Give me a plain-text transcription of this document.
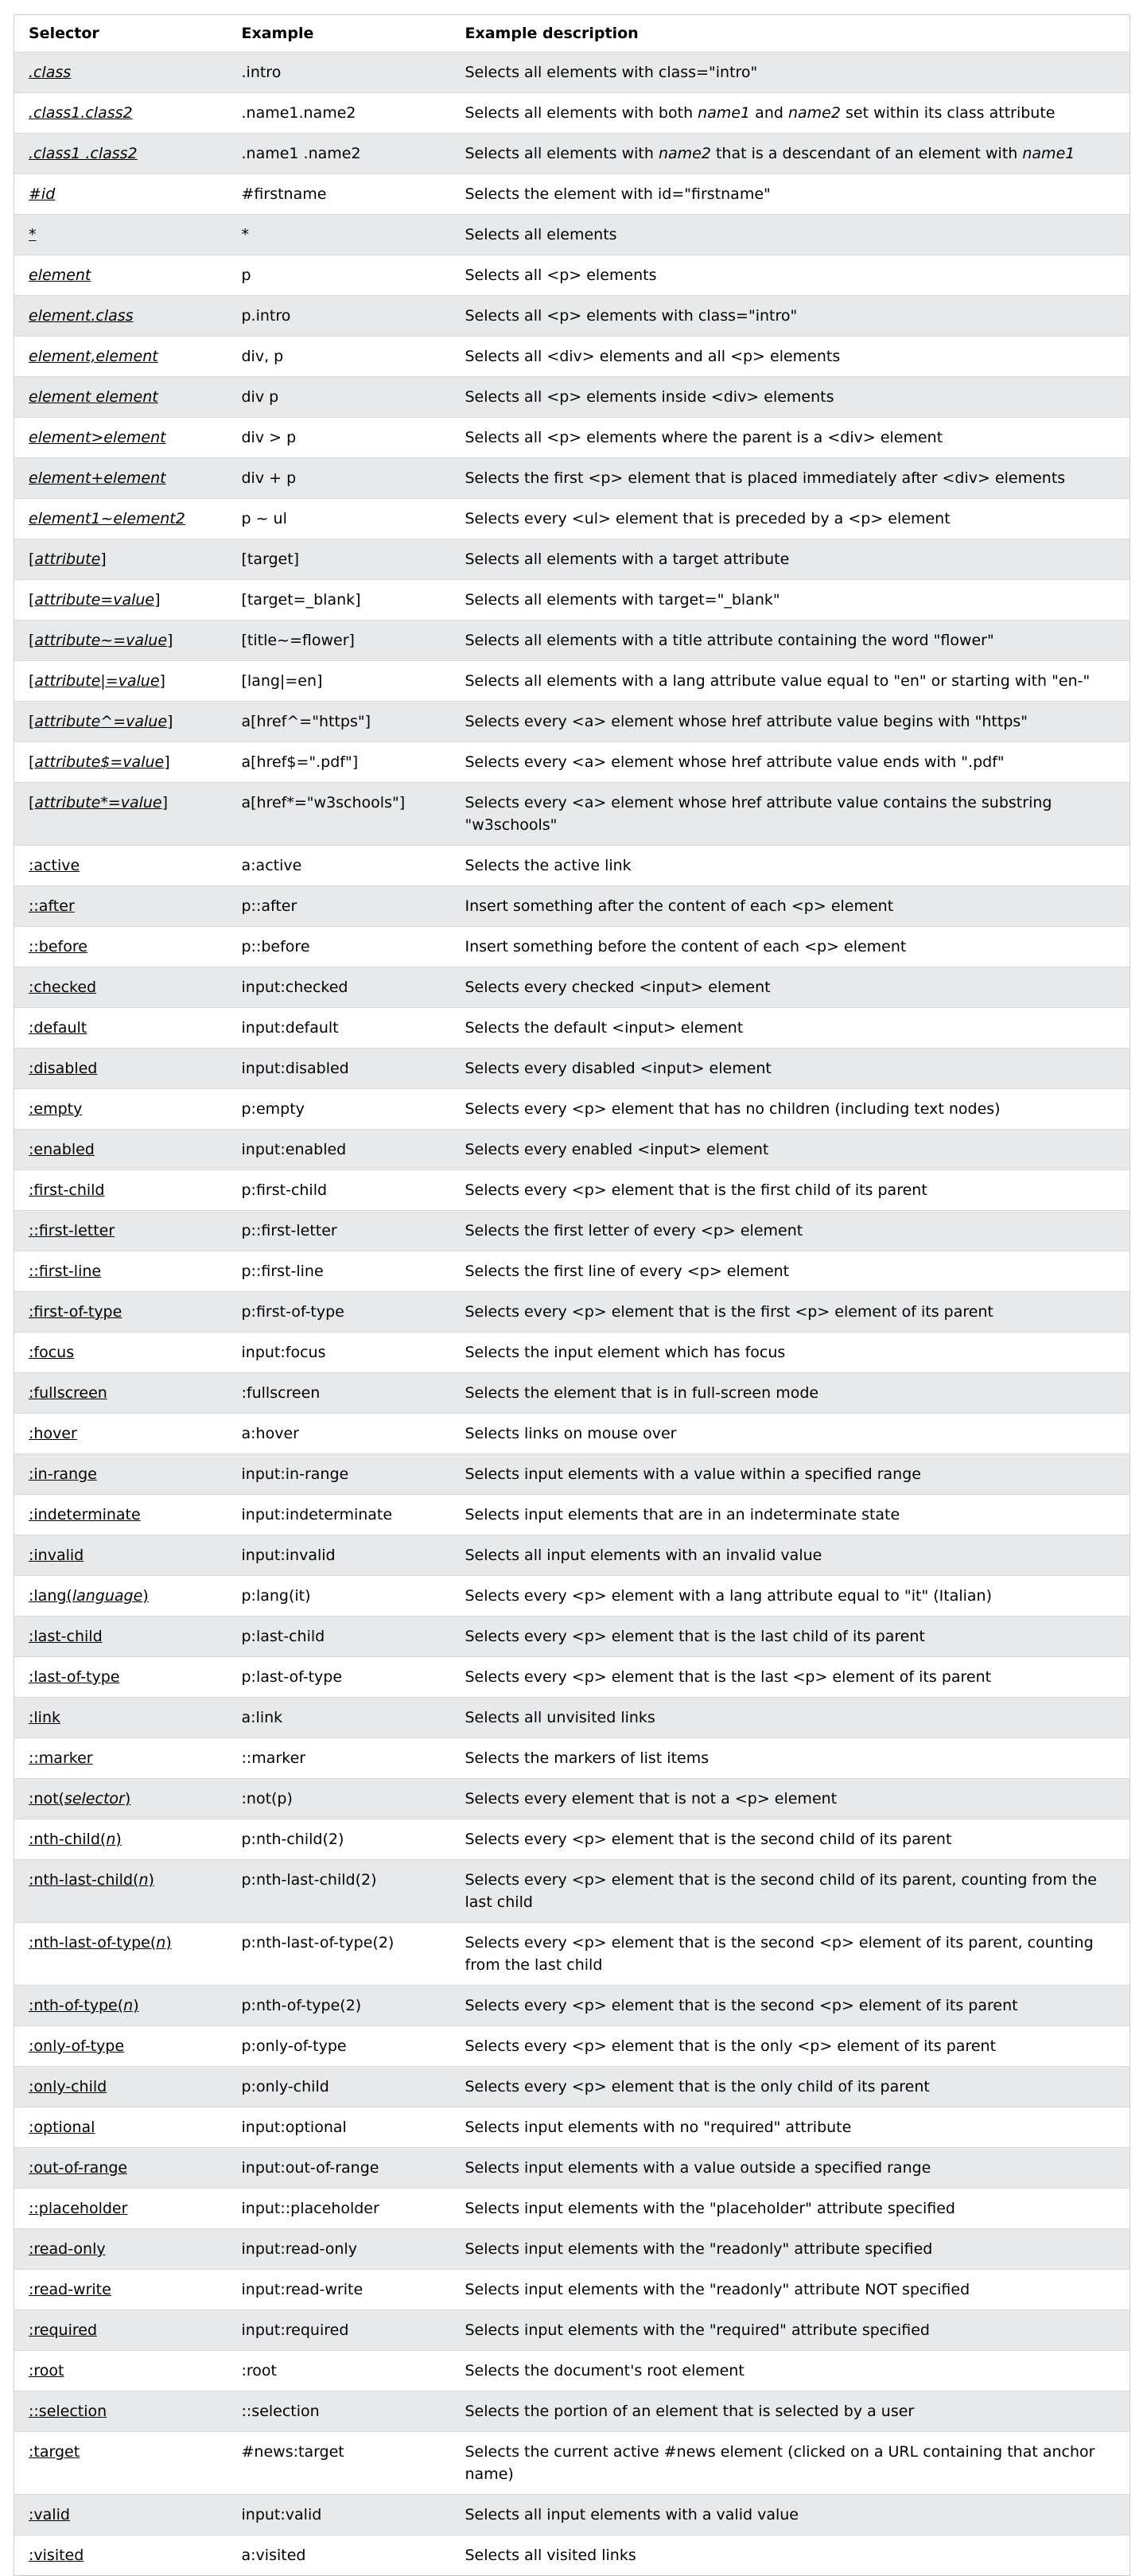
Selector	Example	Example description
.class	.intro	Selects all elements with class="intro"
.class1.class2	.name1.name2	Selects all elements with both name1 and name2 set within its class attribute
.class1 .class2	.name1 .name2	Selects all elements with name2 that is a descendant of an element with name1
#id	#firstname	Selects the element with id="firstname"
*	*	Selects all elements
element	p	Selects all <p> elements
element.class	p.intro	Selects all <p> elements with class="intro"
element,element	div, p	Selects all <div> elements and all <p> elements
element element	div p	Selects all <p> elements inside <div> elements
element>element	div > p	Selects all <p> elements where the parent is a <div> element
element+element	div + p	Selects the first <p> element that is placed immediately after <div> elements
element1~element2	p ~ ul	Selects every <ul> element that is preceded by a <p> element
[attribute]	[target]	Selects all elements with a target attribute
[attribute=value]	[target=_blank]	Selects all elements with target="_blank"
[attribute~=value]	[title~=flower]	Selects all elements with a title attribute containing the word "flower"
[attribute|=value]	[lang|=en]	Selects all elements with a lang attribute value equal to "en" or starting with "en-"
[attribute^=value]	a[href^="https"]	Selects every <a> element whose href attribute value begins with "https"
[attribute$=value]	a[href$=".pdf"]	Selects every <a> element whose href attribute value ends with ".pdf"
[attribute*=value]	a[href*="w3schools"]	Selects every <a> element whose href attribute value contains the substring "w3schools"
:active	a:active	Selects the active link
::after	p::after	Insert something after the content of each <p> element
::before	p::before	Insert something before the content of each <p> element
:checked	input:checked	Selects every checked <input> element
:default	input:default	Selects the default <input> element
:disabled	input:disabled	Selects every disabled <input> element
:empty	p:empty	Selects every <p> element that has no children (including text nodes)
:enabled	input:enabled	Selects every enabled <input> element
:first-child	p:first-child	Selects every <p> element that is the first child of its parent
::first-letter	p::first-letter	Selects the first letter of every <p> element
::first-line	p::first-line	Selects the first line of every <p> element
:first-of-type	p:first-of-type	Selects every <p> element that is the first <p> element of its parent
:focus	input:focus	Selects the input element which has focus
:fullscreen	:fullscreen	Selects the element that is in full-screen mode
:hover	a:hover	Selects links on mouse over
:in-range	input:in-range	Selects input elements with a value within a specified range
:indeterminate	input:indeterminate	Selects input elements that are in an indeterminate state
:invalid	input:invalid	Selects all input elements with an invalid value
:lang(language)	p:lang(it)	Selects every <p> element with a lang attribute equal to "it" (Italian)
:last-child	p:last-child	Selects every <p> element that is the last child of its parent
:last-of-type	p:last-of-type	Selects every <p> element that is the last <p> element of its parent
:link	a:link	Selects all unvisited links
::marker	::marker	Selects the markers of list items
:not(selector)	:not(p)	Selects every element that is not a <p> element
:nth-child(n)	p:nth-child(2)	Selects every <p> element that is the second child of its parent
:nth-last-child(n)	p:nth-last-child(2)	Selects every <p> element that is the second child of its parent, counting from the last child
:nth-last-of-type(n)	p:nth-last-of-type(2)	Selects every <p> element that is the second <p> element of its parent, counting from the last child
:nth-of-type(n)	p:nth-of-type(2)	Selects every <p> element that is the second <p> element of its parent
:only-of-type	p:only-of-type	Selects every <p> element that is the only <p> element of its parent
:only-child	p:only-child	Selects every <p> element that is the only child of its parent
:optional	input:optional	Selects input elements with no "required" attribute
:out-of-range	input:out-of-range	Selects input elements with a value outside a specified range
::placeholder	input::placeholder	Selects input elements with the "placeholder" attribute specified
:read-only	input:read-only	Selects input elements with the "readonly" attribute specified
:read-write	input:read-write	Selects input elements with the "readonly" attribute NOT specified
:required	input:required	Selects input elements with the "required" attribute specified
:root	:root	Selects the document's root element
::selection	::selection	Selects the portion of an element that is selected by a user
:target	#news:target	Selects the current active #news element (clicked on a URL containing that anchor name)
:valid	input:valid	Selects all input elements with a valid value
:visited	a:visited	Selects all visited links
